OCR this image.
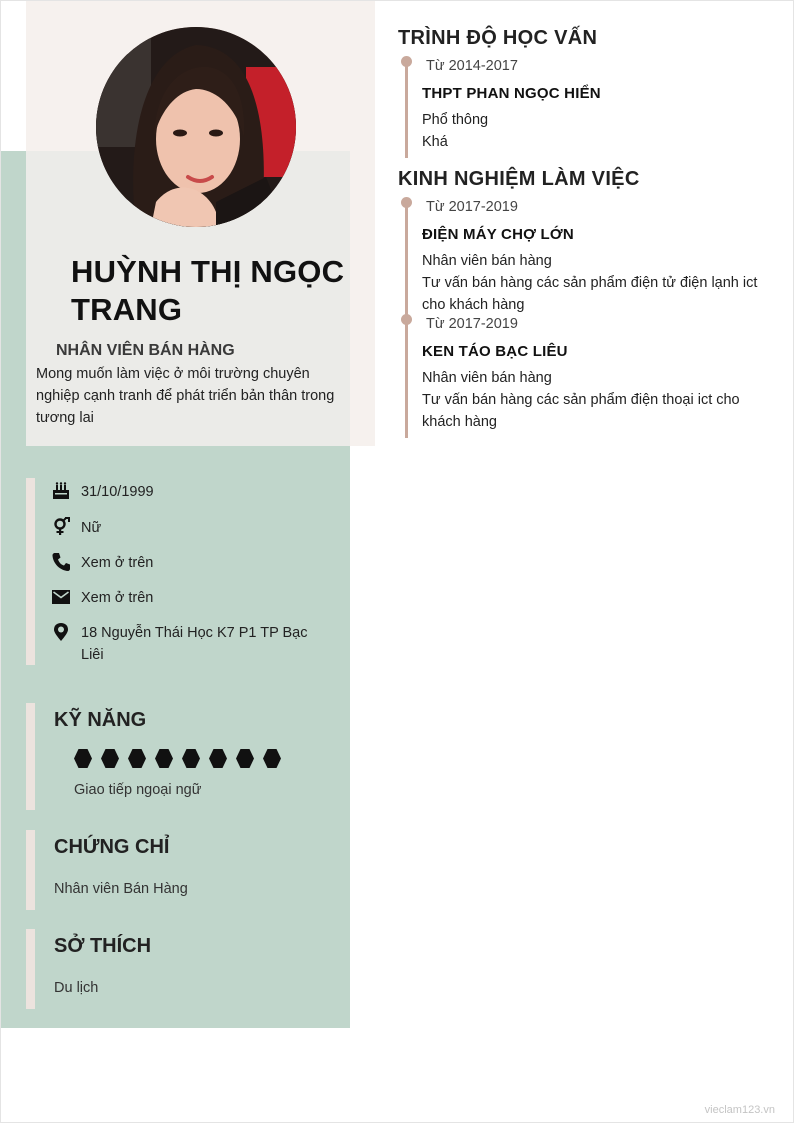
HUỲNH THỊ NGỌC TRANG
NHÂN VIÊN BÁN HÀNG
Mong muốn làm việc ở môi trường chuyên nghiệp cạnh tranh để phát triển bản thân trong tương lai
31/10/1999
Nữ
Xem ở trên
Xem ở trên
18 Nguyễn Thái Học K7 P1 TP Bạc Liêi
KỸ NĂNG
Giao tiếp ngoại ngữ
CHỨNG CHỈ
Nhân viên Bán Hàng
SỞ THÍCH
Du lịch
TRÌNH ĐỘ HỌC VẤN
Từ 2014-2017
THPT PHAN NGỌC HIỂN
Phổ thông
Khá
KINH NGHIỆM LÀM VIỆC
Từ 2017-2019
ĐIỆN MÁY CHỢ LỚN
Nhân viên bán hàng
Tư vấn bán hàng các sản phẩm điện tử điện lạnh ict cho khách hàng
Từ 2017-2019
KEN TÁO BẠC LIÊU
Nhân viên bán hàng
Tư vấn bán hàng các sản phẩm điện thoại ict cho khách hàng
vieclam123.vn
